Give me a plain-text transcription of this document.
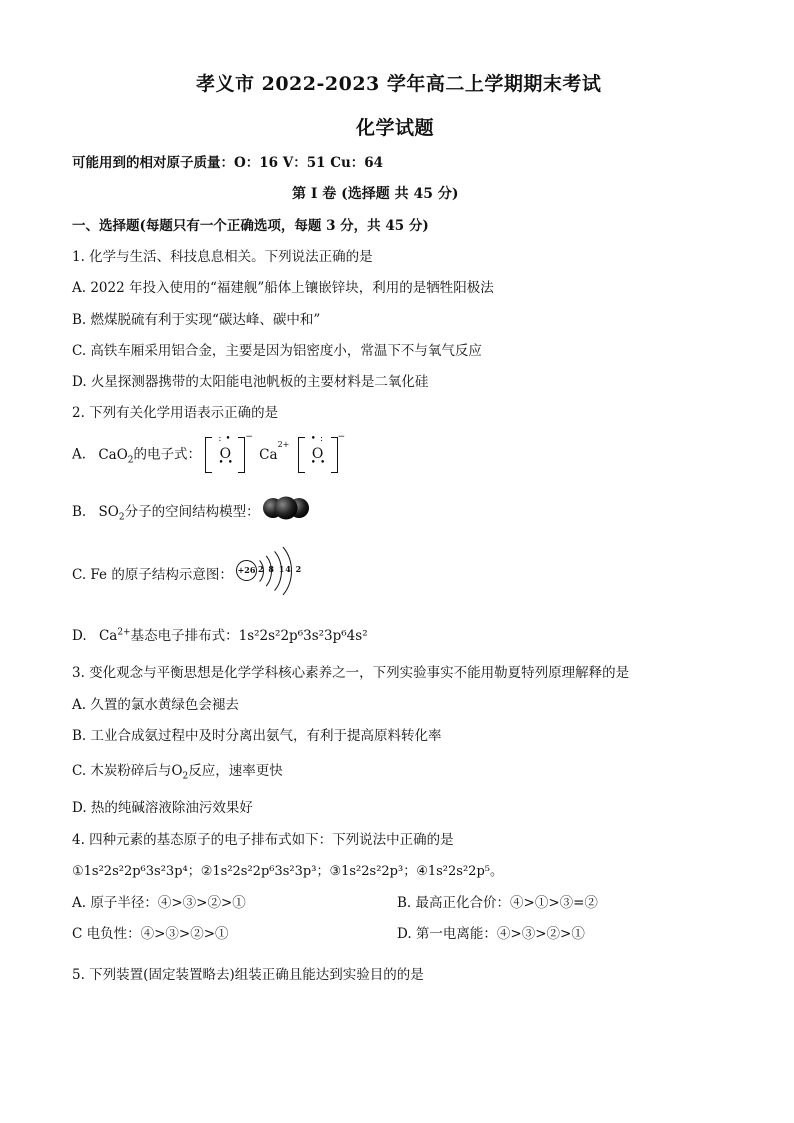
孝义市 2022-2023 学年高二上学期期末考试
化学试题
可能用到的相对原子质量：O：16 V：51 Cu：64
第 I 卷 (选择题 共 45 分)
一、选择题(每题只有一个正确选项，每题 3 分，共 45 分)
1. 化学与生活、科技息息相关。下列说法正确的是
A. 2022 年投入使用的“福建舰”船体上镶嵌锌块，利用的是牺牲阳极法
B. 燃煤脱硫有利于实现“碳达峰、碳中和”
C. 高铁车厢采用铝合金，主要是因为铝密度小，常温下不与氧气反应
D. 火星探测器携带的太阳能电池帆板的主要材料是二氧化硅
2. 下列有关化学用语表示正确的是
A. CaO$_2$的电子式：
:•
O
••
− $Ca^{2+}$
•:
O
••
−
B. $SO_2$分子的空间结构模型：
C. Fe 的原子结构示意图： +26 2 8 14 2
D. $Ca^{2+}$基态电子排布式：1s²2s²2p⁶3s²3p⁶4s²
3. 变化观念与平衡思想是化学学科核心素养之一，下列实验事实不能用勒夏特列原理解释的是
A. 久置的氯水黄绿色会褪去
B. 工业合成氨过程中及时分离出氨气，有利于提高原料转化率
C. 木炭粉碎后与$O_2$反应，速率更快
D. 热的纯碱溶液除油污效果好
4. 四种元素的基态原子的电子排布式如下：下列说法中正确的是
①1s²2s²2p⁶3s²3p⁴；②1s²2s²2p⁶3s²3p³；③1s²2s²2p³；④1s²2s²2p⁵。
A. 原子半径：④>③>②>①	B. 最高正化合价：④>①>③=②
C 电负性：④>③>②>①	D. 第一电离能：④>③>②>①
5. 下列装置(固定装置略去)组装正确且能达到实验目的的是
